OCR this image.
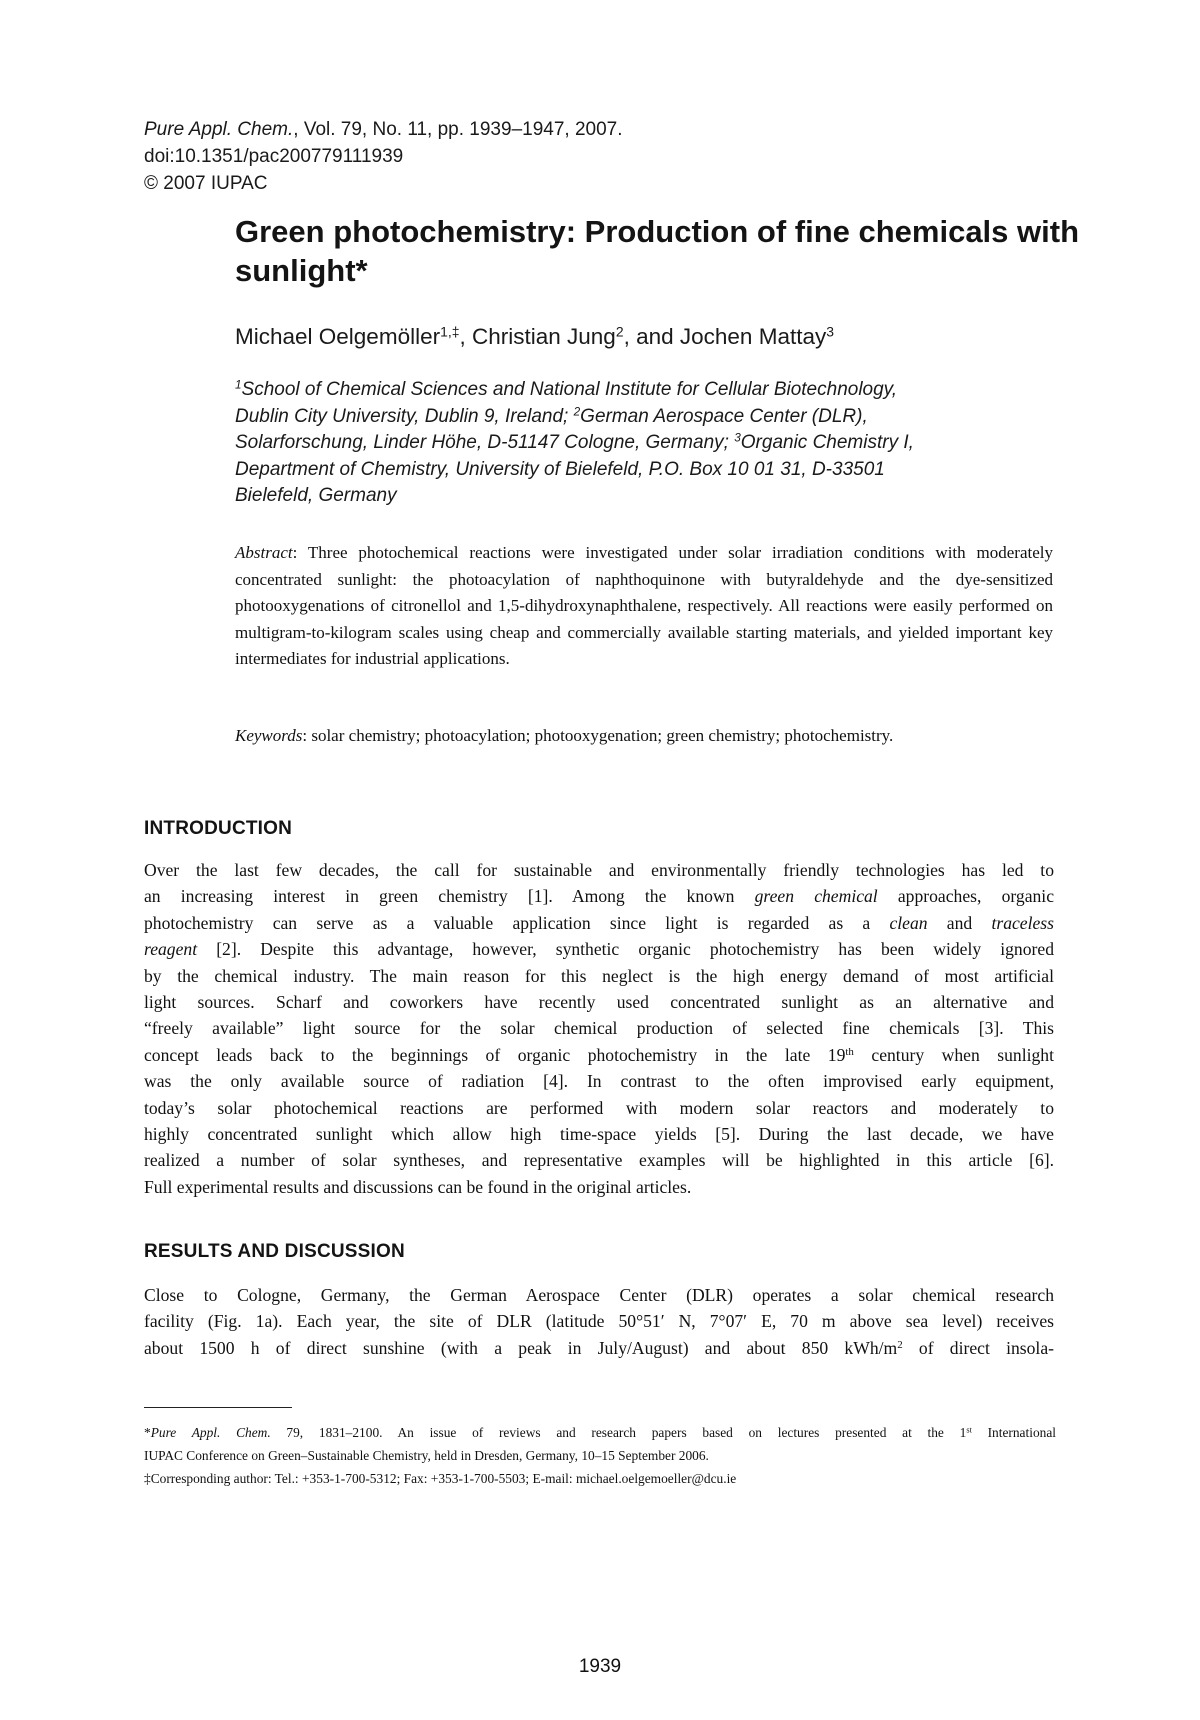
Pure Appl. Chem., Vol. 79, No. 11, pp. 1939–1947, 2007.
doi:10.1351/pac200779111939
© 2007 IUPAC
Green photochemistry: Production of fine chemicals with sunlight*
Michael Oelgemöller$^{1,\ddagger}$, Christian Jung$^2$, and Jochen Mattay$^3$
$^1$School of Chemical Sciences and National Institute for Cellular Biotechnology,
Dublin City University, Dublin 9, Ireland; $^2$German Aerospace Center (DLR),
Solarforschung, Linder Höhe, D-51147 Cologne, Germany; $^3$Organic Chemistry I,
Department of Chemistry, University of Bielefeld, P.O. Box 10 01 31, D-33501
Bielefeld, Germany
Abstract: Three photochemical reactions were investigated under solar irradiation conditions with moderately concentrated sunlight: the photoacylation of naphthoquinone with butyraldehyde and the dye-sensitized photooxygenations of citronellol and 1,5-dihydroxynaphthalene, respectively. All reactions were easily performed on multigram-to-kilogram scales using cheap and commercially available starting materials, and yielded important key intermediates for industrial applications.
Keywords: solar chemistry; photoacylation; photooxygenation; green chemistry; photochemistry.
INTRODUCTION
Over the last few decades, the call for sustainable and environmentally friendly technologies has led to
an increasing interest in green chemistry [1]. Among the known green chemical approaches, organic
photochemistry can serve as a valuable application since light is regarded as a clean and traceless
reagent [2]. Despite this advantage, however, synthetic organic photochemistry has been widely ignored
by the chemical industry. The main reason for this neglect is the high energy demand of most artificial
light sources. Scharf and coworkers have recently used concentrated sunlight as an alternative and
“freely available” light source for the solar chemical production of selected fine chemicals [3]. This
concept leads back to the beginnings of organic photochemistry in the late 19th century when sunlight
was the only available source of radiation [4]. In contrast to the often improvised early equipment,
today’s solar photochemical reactions are performed with modern solar reactors and moderately to
highly concentrated sunlight which allow high time-space yields [5]. During the last decade, we have
realized a number of solar syntheses, and representative examples will be highlighted in this article [6].
Full experimental results and discussions can be found in the original articles.
RESULTS AND DISCUSSION
Close to Cologne, Germany, the German Aerospace Center (DLR) operates a solar chemical research
facility (Fig. 1a). Each year, the site of DLR (latitude 50°51′ N, 7°07′ E, 70 m above sea level) receives
about 1500 h of direct sunshine (with a peak in July/August) and about 850 kWh/$m^2$ of direct insola-
*Pure Appl. Chem. 79, 1831–2100. An issue of reviews and research papers based on lectures presented at the 1st International
IUPAC Conference on Green–Sustainable Chemistry, held in Dresden, Germany, 10–15 September 2006.
‡Corresponding author: Tel.: +353-1-700-5312; Fax: +353-1-700-5503; E-mail: michael.oelgemoeller@dcu.ie
1939
